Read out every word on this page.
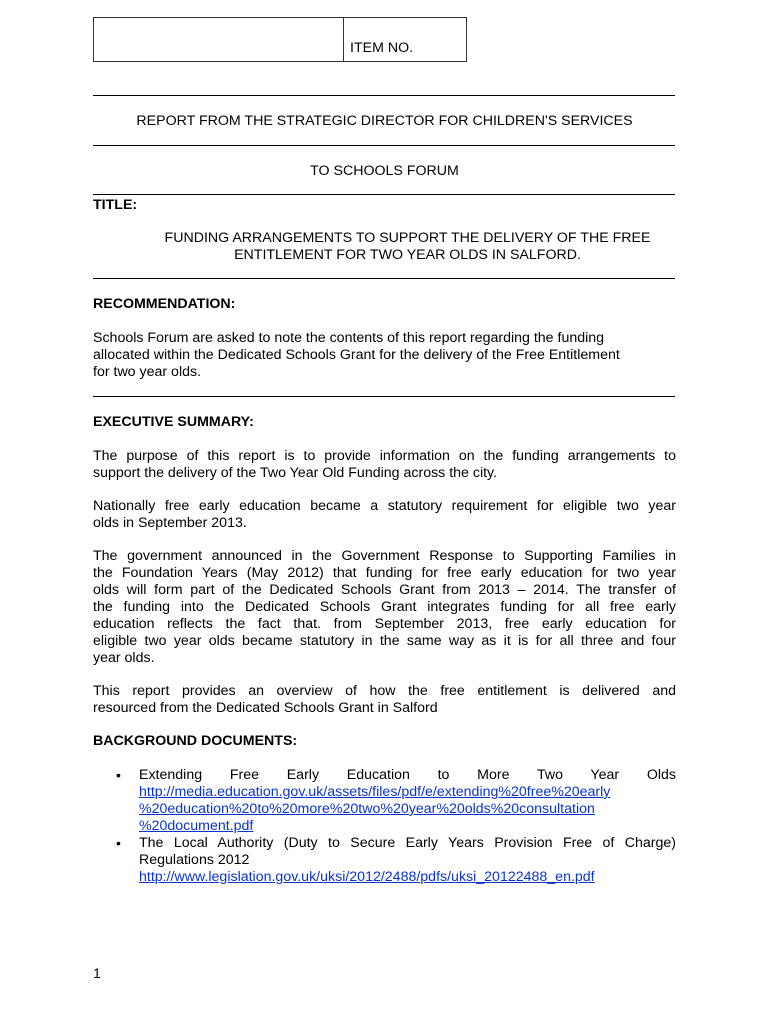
ITEM NO.
REPORT FROM THE STRATEGIC DIRECTOR FOR CHILDREN'S SERVICES
TO SCHOOLS FORUM
TITLE:
FUNDING ARRANGEMENTS TO SUPPORT THE DELIVERY OF THE FREE
ENTITLEMENT FOR TWO YEAR OLDS IN SALFORD.
RECOMMENDATION:
Schools Forum are asked to note the contents of this report regarding the funding
allocated within the Dedicated Schools Grant for the delivery of the Free Entitlement
for two year olds.
EXECUTIVE SUMMARY:
The purpose of this report is to provide information on the funding arrangements to
support the delivery of the Two Year Old Funding across the city.
Nationally free early education became a statutory requirement for eligible two year
olds in September 2013.
The government announced in the Government Response to Supporting Families in
the Foundation Years (May 2012) that funding for free early education for two year
olds will form part of the Dedicated Schools Grant from 2013 – 2014. The transfer of
the funding into the Dedicated Schools Grant integrates funding for all free early
education reflects the fact that. from September 2013, free early education for
eligible two year olds became statutory in the same way as it is for all three and four
year olds.
This report provides an overview of how the free entitlement is delivered and
resourced from the Dedicated Schools Grant in Salford
BACKGROUND DOCUMENTS:
• Extending Free Early Education to More Two Year Olds
http://media.education.gov.uk/assets/files/pdf/e/extending%20free%20early
%20education%20to%20more%20two%20year%20olds%20consultation
%20document.pdf
• The Local Authority (Duty to Secure Early Years Provision Free of Charge)
Regulations 2012
http://www.legislation.gov.uk/uksi/2012/2488/pdfs/uksi_20122488_en.pdf
1
